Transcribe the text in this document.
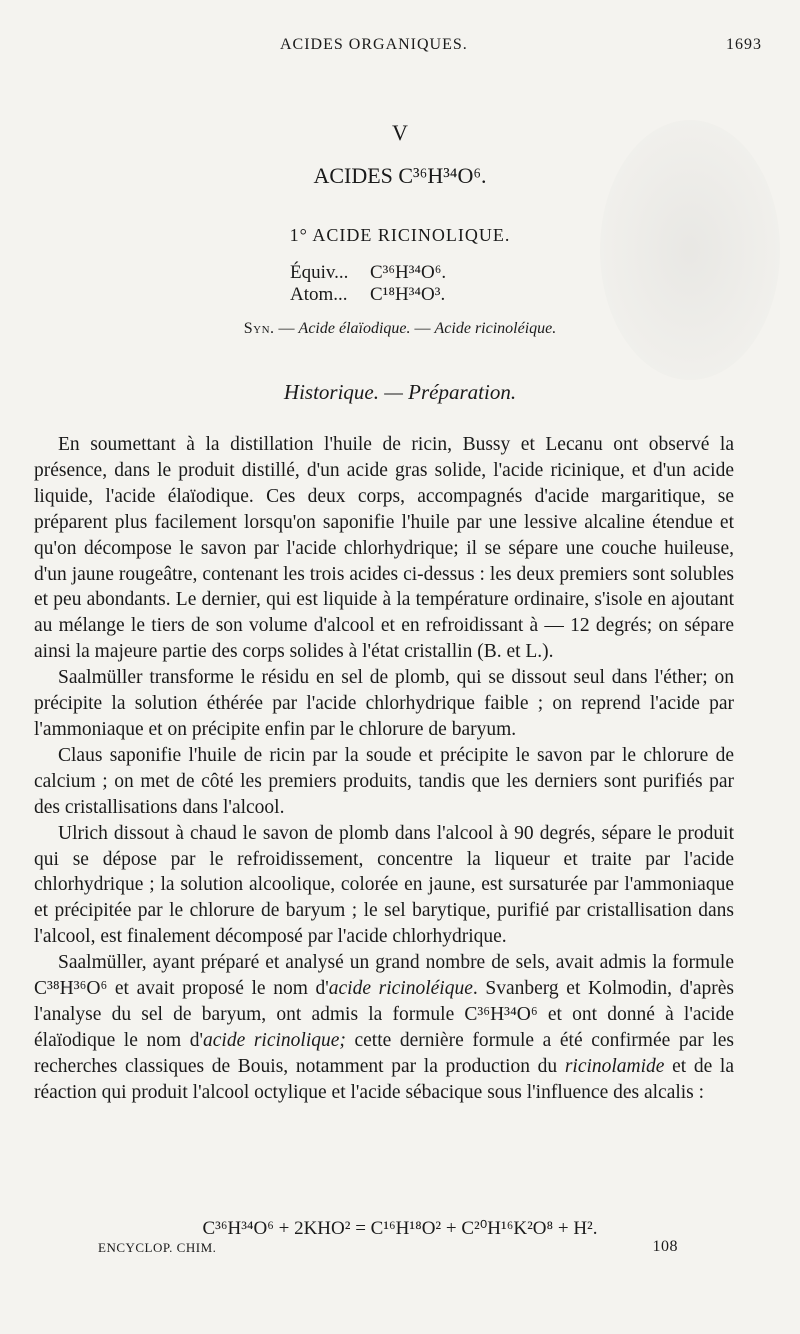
ACIDES ORGANIQUES.	1693
V
ACIDES C³⁶H³⁴O⁶.
1° ACIDE RICINOLIQUE.
Équiv... C³⁶H³⁴O⁶.
Atom... C¹⁸H³⁴O³.
Syn. — Acide élaïodique. — Acide ricinoléique.
Historique. — Préparation.

En soumettant à la distillation l'huile de ricin, Bussy et Lecanu ont observé la présence, dans le produit distillé, d'un acide gras solide, l'acide ricinique, et d'un acide liquide, l'acide élaïodique. Ces deux corps, accompagnés d'acide margaritique, se préparent plus facilement lorsqu'on saponifie l'huile par une lessive alcaline étendue et qu'on décompose le savon par l'acide chlorhydrique; il se sépare une couche huileuse, d'un jaune rougeâtre, contenant les trois acides ci-dessus : les deux premiers sont solubles et peu abondants. Le dernier, qui est liquide à la température ordinaire, s'isole en ajoutant au mélange le tiers de son volume d'alcool et en refroidissant à — 12 degrés; on sépare ainsi la majeure partie des corps solides à l'état cristallin (B. et L.).

Saalmüller transforme le résidu en sel de plomb, qui se dissout seul dans l'éther; on précipite la solution éthérée par l'acide chlorhydrique faible ; on reprend l'acide par l'ammoniaque et on précipite enfin par le chlorure de baryum.

Claus saponifie l'huile de ricin par la soude et précipite le savon par le chlorure de calcium ; on met de côté les premiers produits, tandis que les derniers sont purifiés par des cristallisations dans l'alcool.

Ulrich dissout à chaud le savon de plomb dans l'alcool à 90 degrés, sépare le produit qui se dépose par le refroidissement, concentre la liqueur et traite par l'acide chlorhydrique ; la solution alcoolique, colorée en jaune, est sursaturée par l'ammoniaque et précipitée par le chlorure de baryum ; le sel barytique, purifié par cristallisation dans l'alcool, est finalement décomposé par l'acide chlorhydrique.

Saalmüller, ayant préparé et analysé un grand nombre de sels, avait admis la formule C³⁸H³⁶O⁶ et avait proposé le nom d'acide ricinoléique. Svanberg et Kolmodin, d'après l'analyse du sel de baryum, ont admis la formule C³⁶H³⁴O⁶ et ont donné à l'acide élaïodique le nom d'acide ricinolique; cette dernière formule a été confirmée par les recherches classiques de Bouis, notamment par la production du ricinolamide et de la réaction qui produit l'alcool octylique et l'acide sébacique sous l'influence des alcalis :

C³⁶H³⁴O⁶ + 2KHO² = C¹⁶H¹⁸O² + C²⁰H¹⁶K²O⁸ + H².
ENCYCLOP. CHIM.	108
